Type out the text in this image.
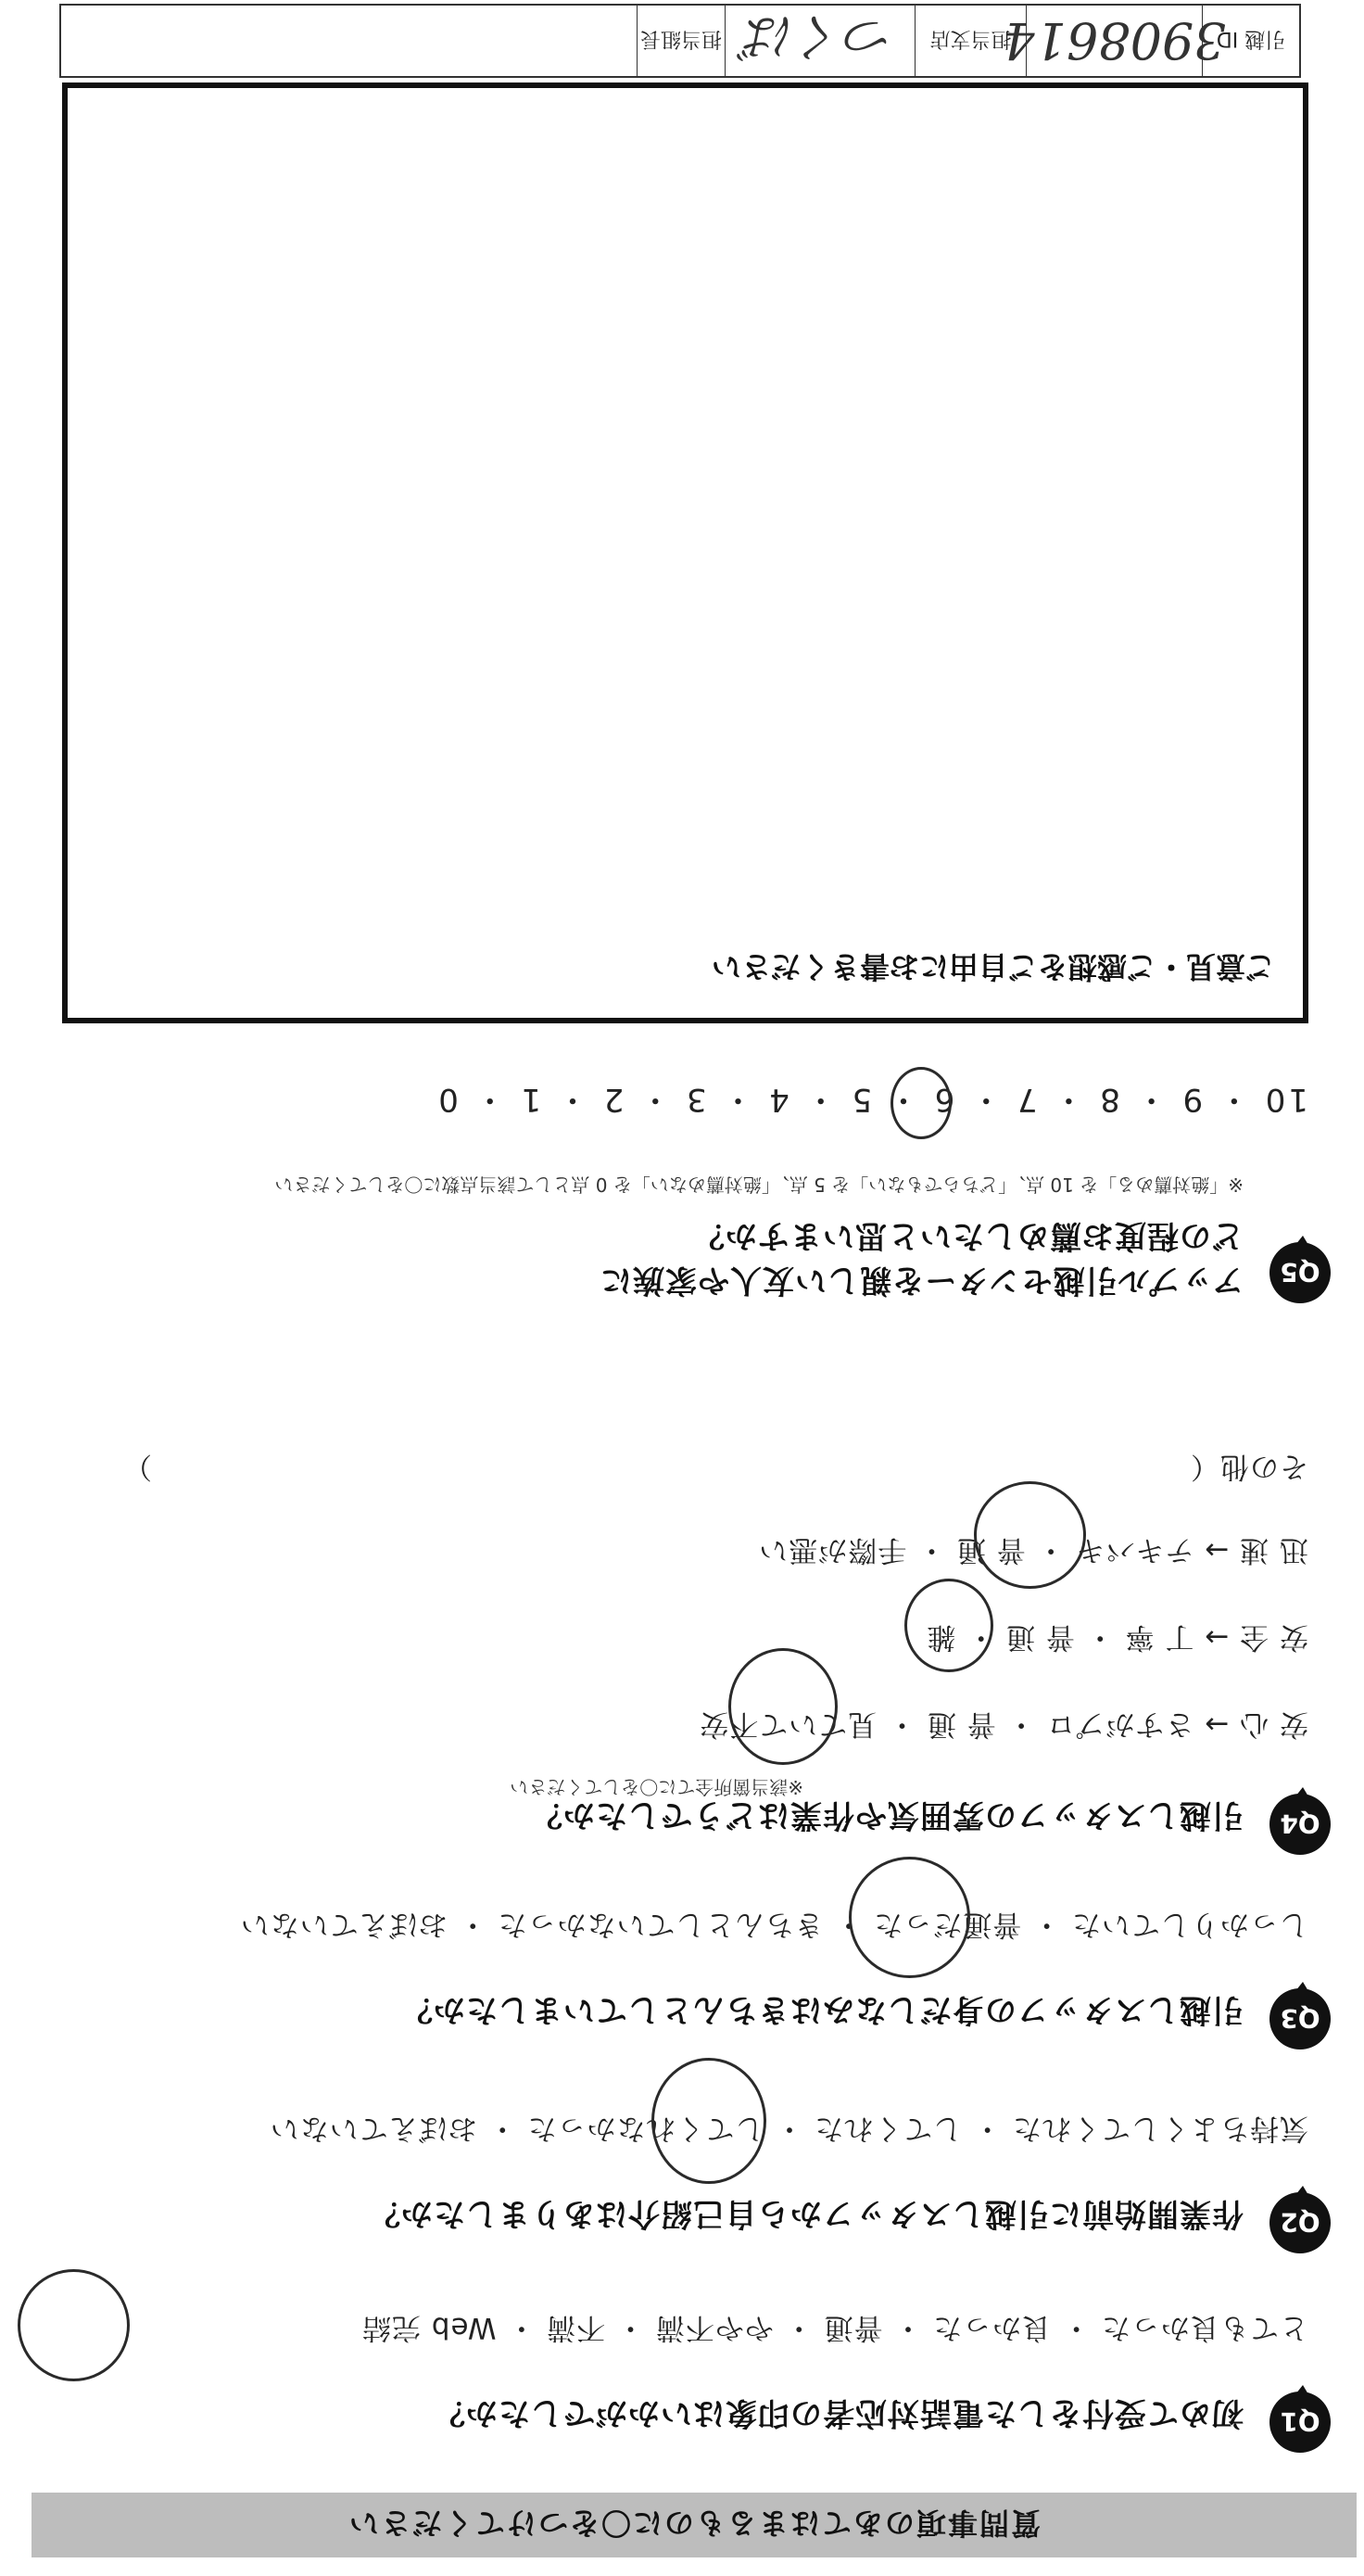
質問事項のあてはまるものに〇をつけてください
Q1
初めて受付をした電話対応者の印象はいかがでしたか？
とても良かった ・ 良かった ・ 普通 ・ やや不満 ・ 不満 ・ Web 完結
Q2
作業開始前に引越しスタッフから自己紹介はありましたか？
気持ちよくしてくれた ・ してくれた ・ してくれなかった ・ おぼえていない
Q3
引越しスタッフの身だしなみはきちんとしていましたか？
しっかりしていた ・ 普通だった ・ きちんとしていなかった ・ おぼえていない
Q4
引越しスタッフの雰囲気や作業はどうでしたか？
※該当箇所全てに〇をしてください
安 心 → さすがプロ ・ 普 通 ・ 見ていて不安
安 全 → 丁 寧 ・ 普 通 ・ 雑
迅 速 → テキパキ ・ 普 通 ・ 手際が悪い
その他（　　　　　　　　　　　　　　　　　　　　　　　　　　　　　　　　　　　）
Q5
アップル引越センターを親しい友人や家族に
どの程度お薦めしたいと思いますか？
※「絶対薦める」を 10 点、「どちらでもない」を 5 点、「絶対薦めない」を 0 点として該当点数に〇をしてください
10 ・ 9 ・ 8 ・ 7 ・ 6 ・ 5 ・ 4 ・ 3 ・ 2 ・ 1 ・ 0
ご意見・ご感想をご自由にお書きください
引越 ID
3908614
担当支店
つくば
担当組長
